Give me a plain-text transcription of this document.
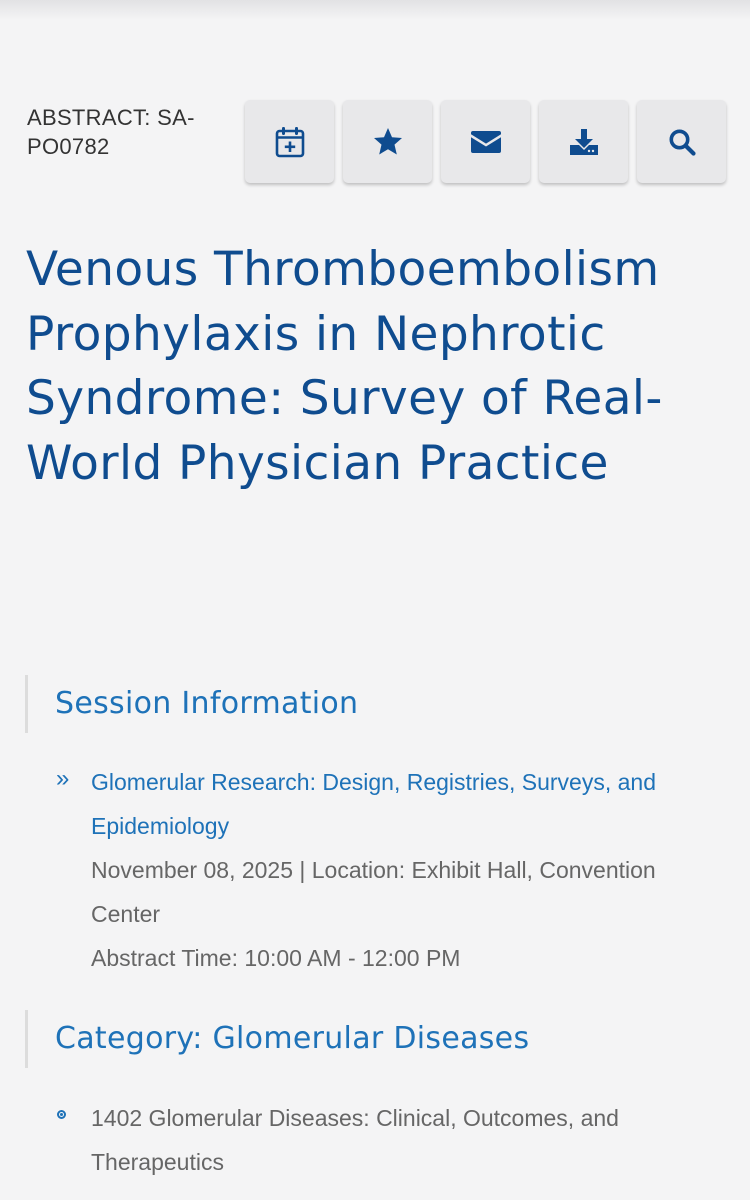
ABSTRACT: SA-PO0782
Venous Thromboembolism Prophylaxis in Nephrotic Syndrome: Survey of Real-World Physician Practice
Session Information
» Glomerular Research: Design, Registries, Surveys, and Epidemiology
November 08, 2025 | Location: Exhibit Hall, Convention Center
Abstract Time: 10:00 AM - 12:00 PM
Category: Glomerular Diseases
1402 Glomerular Diseases: Clinical, Outcomes, and Therapeutics
